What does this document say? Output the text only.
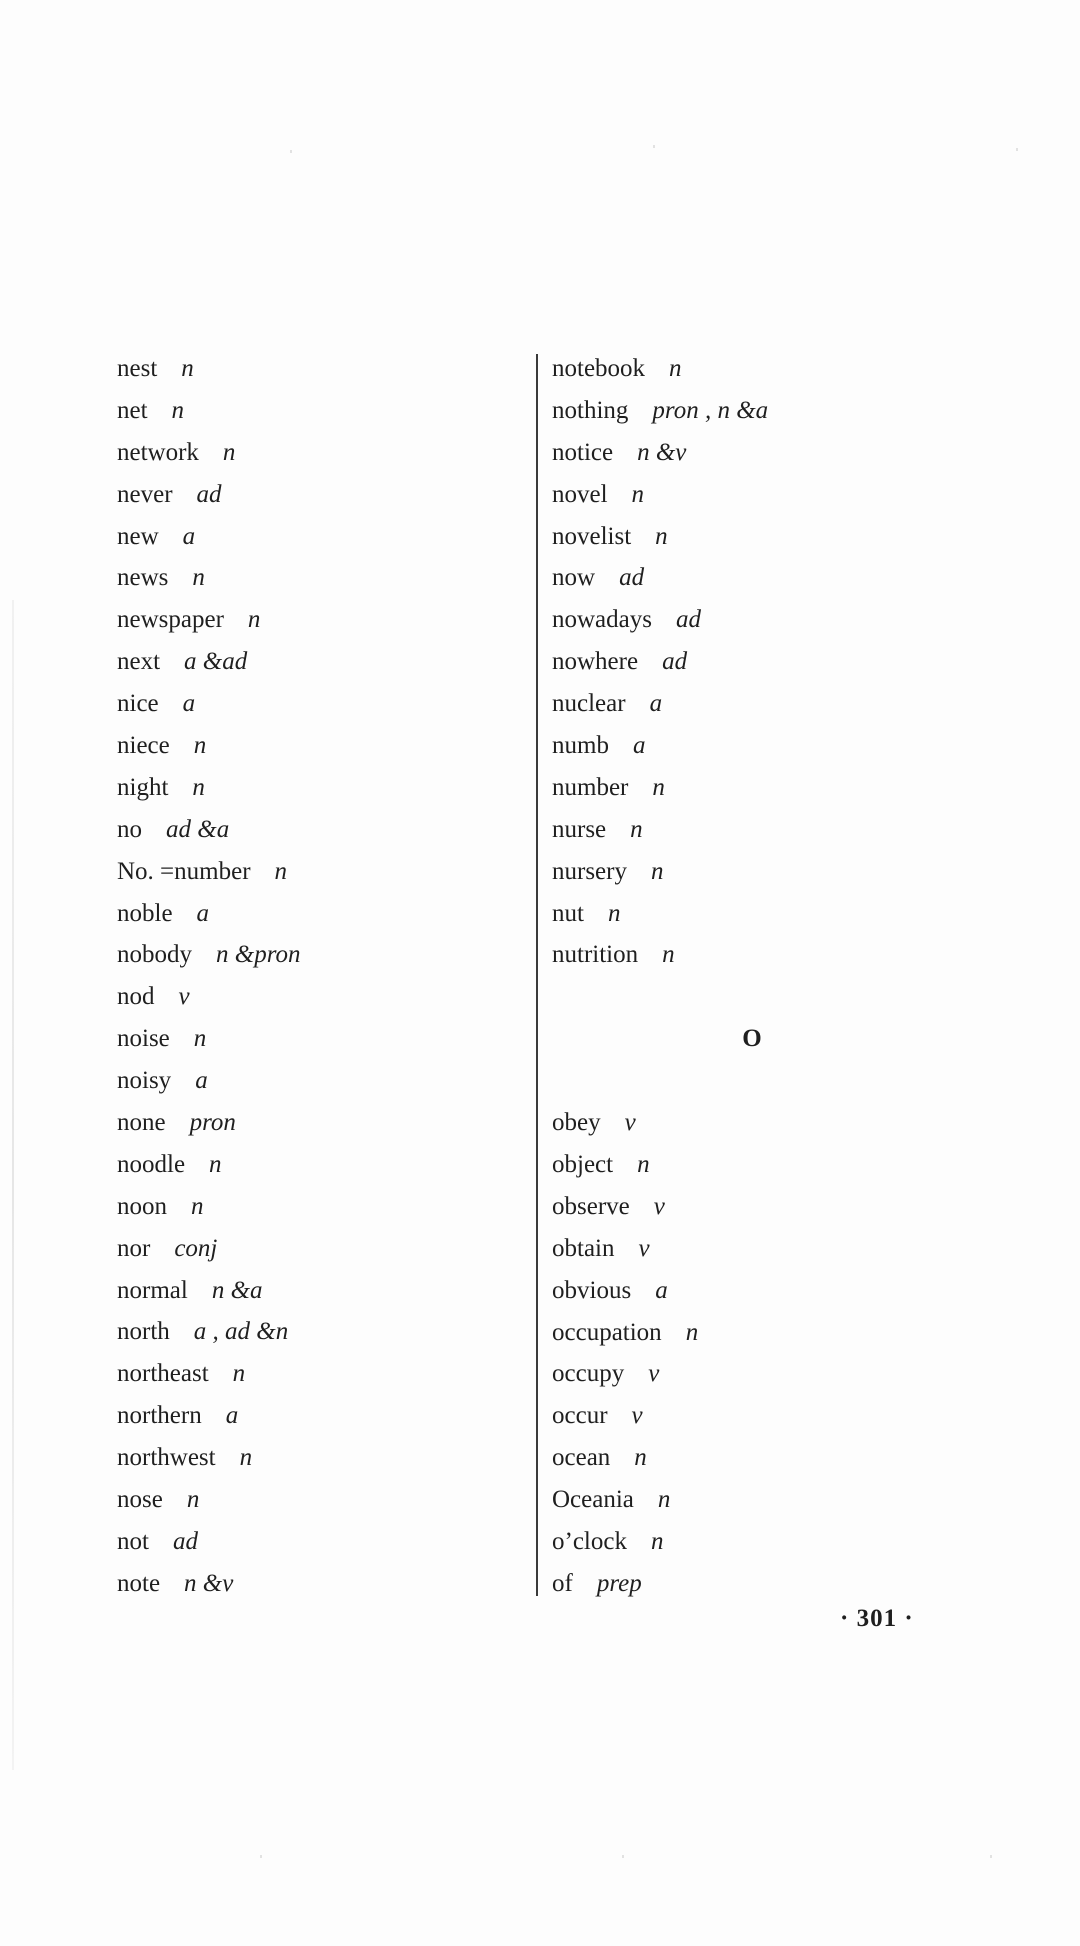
nest n
net n
network n
never ad
new a
news n
newspaper n
next a &ad
nice a
niece n
night n
no ad &a
No. =number n
noble a
nobody n &pron
nod v
noise n
noisy a
none pron
noodle n
noon n
nor conj
normal n &a
north a , ad &n
northeast n
northern a
northwest n
nose n
not ad
note n &v
notebook n
nothing pron , n &a
notice n &v
novel n
novelist n
now ad
nowadays ad
nowhere ad
nuclear a
numb a
number n
nurse n
nursery n
nut n
nutrition n
O
obey v
object n
observe v
obtain v
obvious a
occupation n
occupy v
occur v
ocean n
Oceania n
o’clock n
of prep
· 301 ·
